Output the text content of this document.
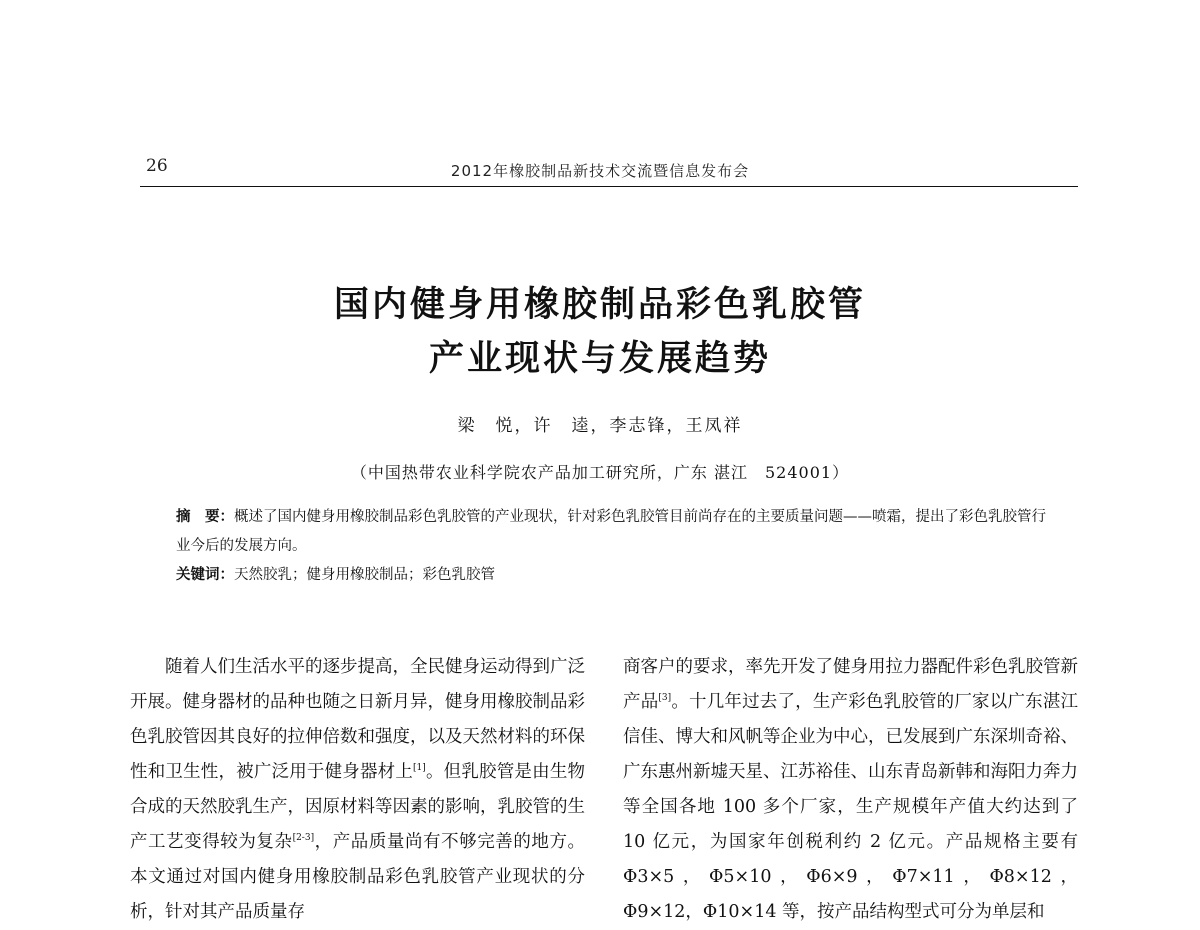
26	2012年橡胶制品新技术交流暨信息发布会
国内健身用橡胶制品彩色乳胶管
产业现状与发展趋势
梁　悦，许　逵，李志锋，王凤祥
（中国热带农业科学院农产品加工研究所，广东 湛江　524001）

摘　要：概述了国内健身用橡胶制品彩色乳胶管的产业现状，针对彩色乳胶管目前尚存在的主要质量问题——喷霜，提出了彩色乳胶管行业今后的发展方向。

关键词：天然胶乳；健身用橡胶制品；彩色乳胶管

随着人们生活水平的逐步提高，全民健身运动得到广泛开展。健身器材的品种也随之日新月异，健身用橡胶制品彩色乳胶管因其良好的拉伸倍数和强度，以及天然材料的环保性和卫生性，被广泛用于健身器材上[1]。但乳胶管是由生物合成的天然胶乳生产，因原材料等因素的影响，乳胶管的生产工艺变得较为复杂[2-3]，产品质量尚有不够完善的地方。本文通过对国内健身用橡胶制品彩色乳胶管产业现状的分析，针对其产品质量存

商客户的要求，率先开发了健身用拉力器配件彩色乳胶管新产品[3]。十几年过去了，生产彩色乳胶管的厂家以广东湛江信佳、博大和风帆等企业为中心，已发展到广东深圳奇裕、广东惠州新墟天星、江苏裕佳、山东青岛新韩和海阳力奔力等全国各地 100 多个厂家，生产规模年产值大约达到了 10 亿元，为国家年创税利约 2 亿元。产品规格主要有 Φ3×5，Φ5×10，Φ6×9，Φ7×11，Φ8×12，Φ9×12，Φ10×14 等，按产品结构型式可分为单层和
